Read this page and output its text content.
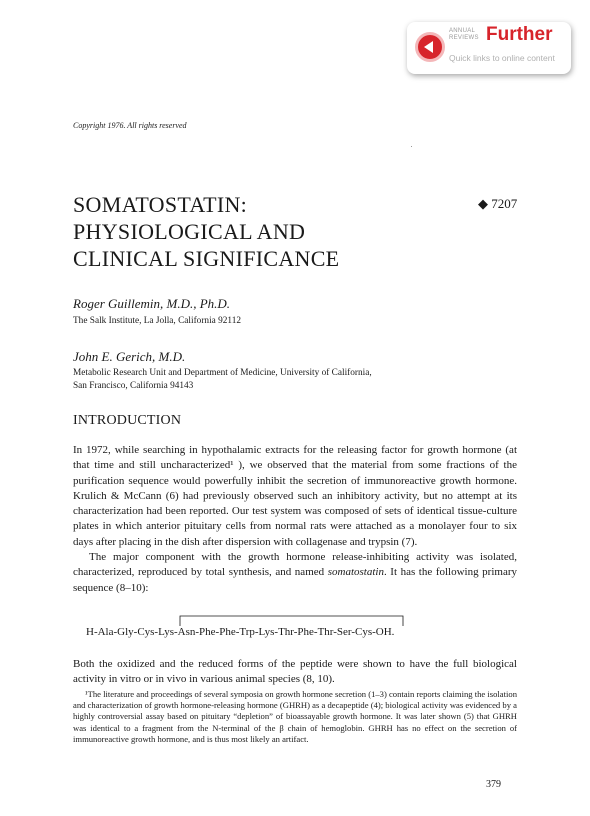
ANNUAL
REVIEWS Further
Quick links to online content
Copyright 1976. All rights reserved
SOMATOSTATIN:
PHYSIOLOGICAL AND
CLINICAL SIGNIFICANCE
◆ 7207
Roger Guillemin, M.D., Ph.D.
The Salk Institute, La Jolla, California 92112
John E. Gerich, M.D.
Metabolic Research Unit and Department of Medicine, University of California,
San Francisco, California 94143
INTRODUCTION

In 1972, while searching in hypothalamic extracts for the releasing factor for growth hormone (at that time and still uncharacterized¹ ), we observed that the material from some fractions of the purification sequence would powerfully inhibit the secretion of immunoreactive growth hormone. Krulich & McCann (6) had previously observed such an inhibitory activity, but no attempt at its characterization had been reported. Our test system was composed of sets of identical tissue-culture plates in which anterior pituitary cells from normal rats were attached as a monolayer four to six days after placing in the dish after dispersion with collagenase and trypsin (7).

The major component with the growth hormone release-inhibiting activity was isolated, characterized, reproduced by total synthesis, and named somatostatin. It has the following primary sequence (8–10):

H-Ala-Gly-Cys-Lys-Asn-Phe-Phe-Trp-Lys-Thr-Phe-Thr-Ser-Cys-OH.

Both the oxidized and the reduced forms of the peptide were shown to have the full biological activity in vitro or in vivo in various animal species (8, 10).

¹The literature and proceedings of several symposia on growth hormone secretion (1–3) contain reports claiming the isolation and characterization of growth hormone-releasing hormone (GHRH) as a decapeptide (4); biological activity was evidenced by a highly controversial assay based on pituitary “depletion” of bioassayable growth hormone. It was later shown (5) that GHRH was identical to a fragment from the N-terminal of the β chain of hemoglobin. GHRH has no effect on the secretion of immunoreactive growth hormone, and is thus most likely an artifact.

379
